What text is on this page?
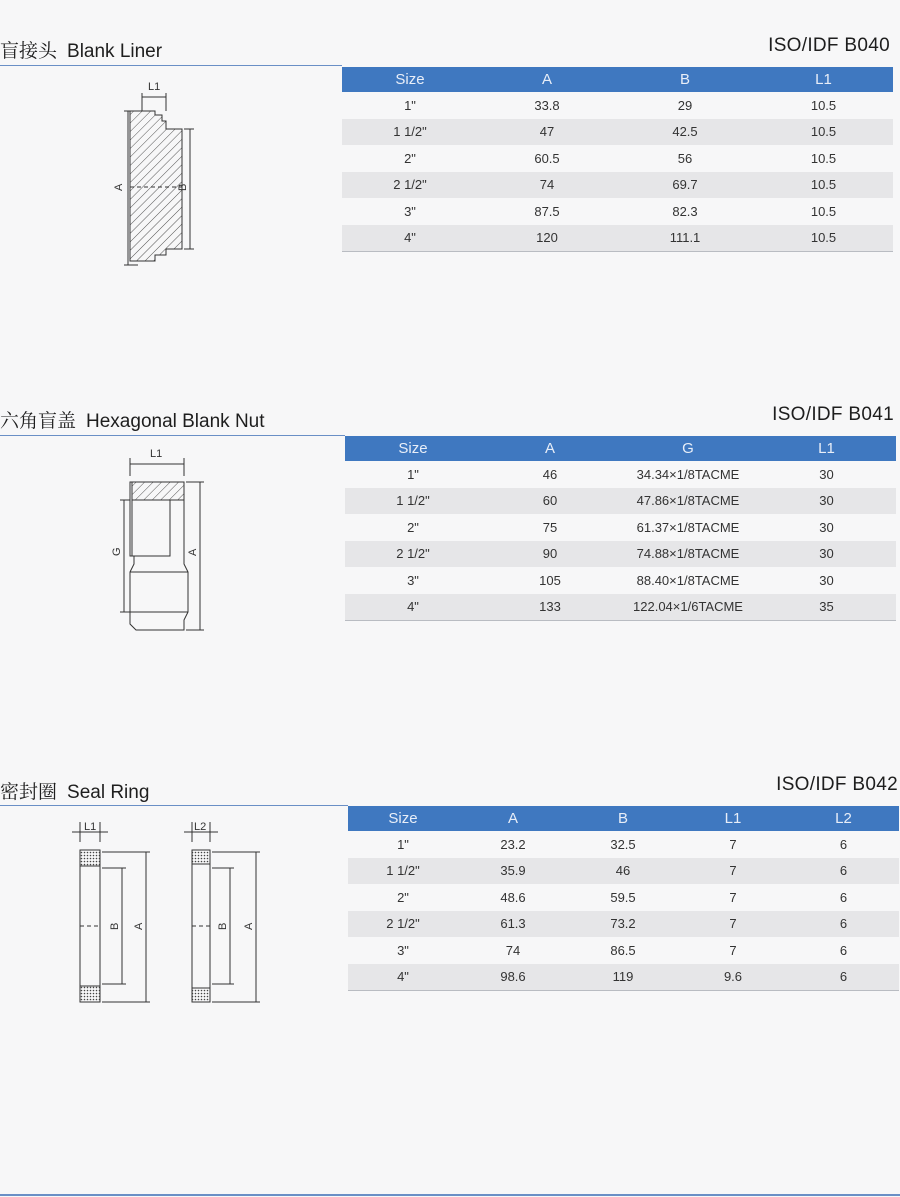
盲接头 Blank Liner	ISO/IDF B040
L1
A	B
Size	A	B	L1
1"	33.8	29	10.5
1 1/2"	47	42.5	10.5
2"	60.5	56	10.5
2 1/2"	74	69.7	10.5
3"	87.5	82.3	10.5
4"	120	111.1	10.5
六角盲盖 Hexagonal Blank Nut	ISO/IDF B041
L1
G	A
Size	A	G	L1
1"	46	34.34×1/8TACME	30
1 1/2"	60	47.86×1/8TACME	30
2"	75	61.37×1/8TACME	30
2 1/2"	90	74.88×1/8TACME	30
3"	105	88.40×1/8TACME	30
4"	133	122.04×1/6TACME	35
密封圈 Seal Ring	ISO/IDF B042
L1	L2
B A	B A
Size	A	B	L1	L2
1"	23.2	32.5	7	6
1 1/2"	35.9	46	7	6
2"	48.6	59.5	7	6
2 1/2"	61.3	73.2	7	6
3"	74	86.5	7	6
4"	98.6	119	9.6	6
